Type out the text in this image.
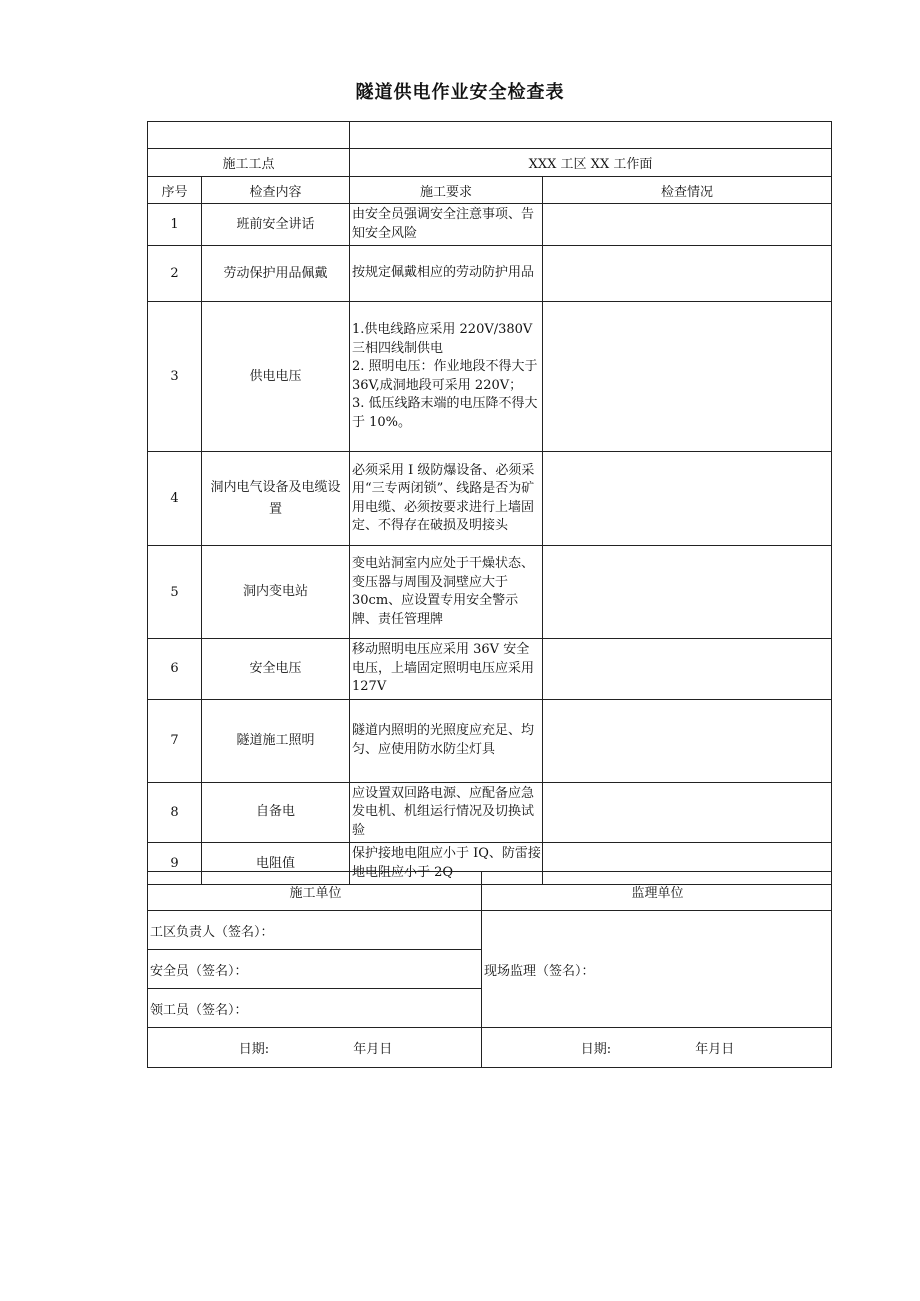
隧道供电作业安全检查表

施工工点		XXX 工区 XX 工作面	
序号	检查内容	施工要求	检查情况
1	班前安全讲话	由安全员强调安全注意事项、告知安全风险	
2	劳动保护用品佩戴	按规定佩戴相应的劳动防护用品	
3	供电电压	1.供电线路应采用 220V/380V三相四线制供电
2. 照明电压：作业地段不得大于 36V,成洞地段可采用 220V；
3. 低压线路末端的电压降不得大于 10%。	
4	洞内电气设备及电缆设置	必须采用 I 级防爆设备、必须采用“三专两闭锁”、线路是否为矿用电缆、必须按要求进行上墙固定、不得存在破损及明接头	
5	洞内变电站	变电站洞室内应处于干燥状态、变压器与周围及洞壁应大于 30cm、应设置专用安全警示牌、责任管理牌	
6	安全电压	移动照明电压应采用 36V 安全电压，上墙固定照明电压应采用 127V	
7	隧道施工照明	隧道内照明的光照度应充足、均匀、应使用防水防尘灯具	
8	自备电	应设置双回路电源、应配备应急发电机、机组运行情况及切换试验	
9	电阻值	保护接地电阻应小于 IQ、防雷接地电阻应小于 2Q	
施工单位	监理单位
工区负责人（签名）：	现场监理（签名）：
安全员（签名）：	
领工员（签名）：	
日期: 年月日	日期: 年月日
